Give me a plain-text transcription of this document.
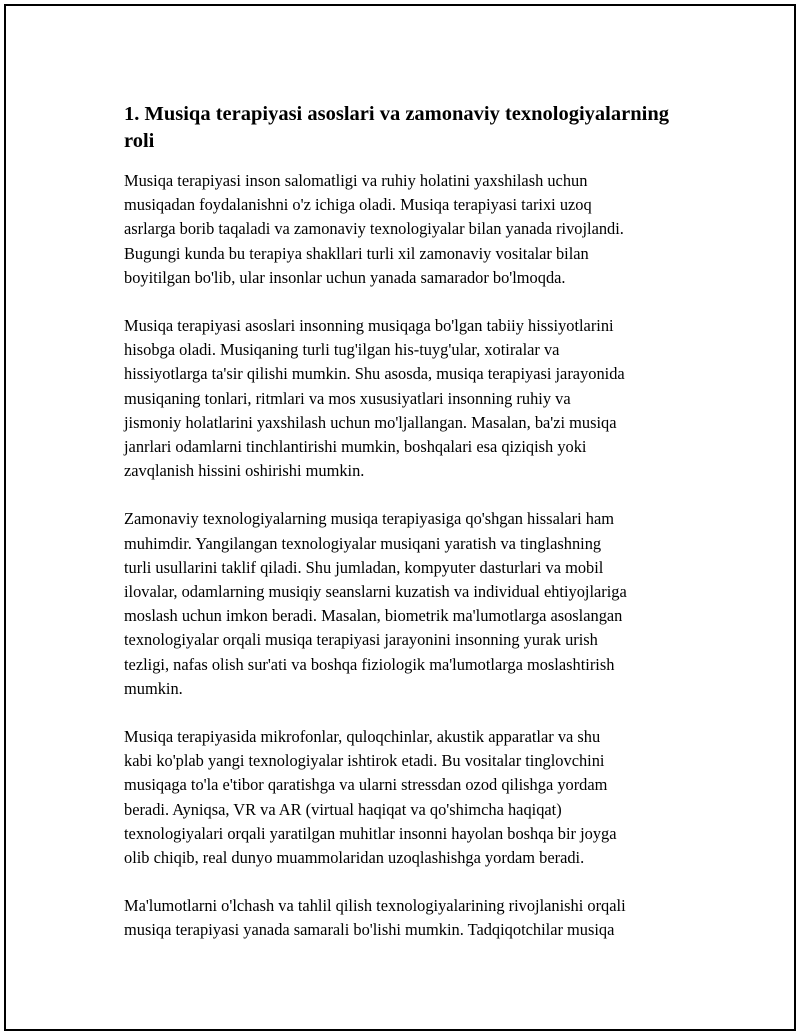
1. Musiqa terapiyasi asoslari va zamonaviy texnologiyalarning
roli

Musiqa terapiyasi inson salomatligi va ruhiy holatini yaxshilash uchun
musiqadan foydalanishni o'z ichiga oladi. Musiqa terapiyasi tarixi uzoq
asrlarga borib taqaladi va zamonaviy texnologiyalar bilan yanada rivojlandi.
Bugungi kunda bu terapiya shakllari turli xil zamonaviy vositalar bilan
boyitilgan bo'lib, ular insonlar uchun yanada samarador bo'lmoqda.

Musiqa terapiyasi asoslari insonning musiqaga bo'lgan tabiiy hissiyotlarini
hisobga oladi. Musiqaning turli tug'ilgan his-tuyg'ular, xotiralar va
hissiyotlarga ta'sir qilishi mumkin. Shu asosda, musiqa terapiyasi jarayonida
musiqaning tonlari, ritmlari va mos xususiyatlari insonning ruhiy va
jismoniy holatlarini yaxshilash uchun mo'ljallangan. Masalan, ba'zi musiqa
janrlari odamlarni tinchlantirishi mumkin, boshqalari esa qiziqish yoki
zavqlanish hissini oshirishi mumkin.

Zamonaviy texnologiyalarning musiqa terapiyasiga qo'shgan hissalari ham
muhimdir. Yangilangan texnologiyalar musiqani yaratish va tinglashning
turli usullarini taklif qiladi. Shu jumladan, kompyuter dasturlari va mobil
ilovalar, odamlarning musiqiy seanslarni kuzatish va individual ehtiyojlariga
moslash uchun imkon beradi. Masalan, biometrik ma'lumotlarga asoslangan
texnologiyalar orqali musiqa terapiyasi jarayonini insonning yurak urish
tezligi, nafas olish sur'ati va boshqa fiziologik ma'lumotlarga moslashtirish
mumkin.

Musiqa terapiyasida mikrofonlar, quloqchinlar, akustik apparatlar va shu
kabi ko'plab yangi texnologiyalar ishtirok etadi. Bu vositalar tinglovchini
musiqaga to'la e'tibor qaratishga va ularni stressdan ozod qilishga yordam
beradi. Ayniqsa, VR va AR (virtual haqiqat va qo'shimcha haqiqat)
texnologiyalari orqali yaratilgan muhitlar insonni hayolan boshqa bir joyga
olib chiqib, real dunyo muammolaridan uzoqlashishga yordam beradi.

Ma'lumotlarni o'lchash va tahlil qilish texnologiyalarining rivojlanishi orqali
musiqa terapiyasi yanada samarali bo'lishi mumkin. Tadqiqotchilar musiqa
